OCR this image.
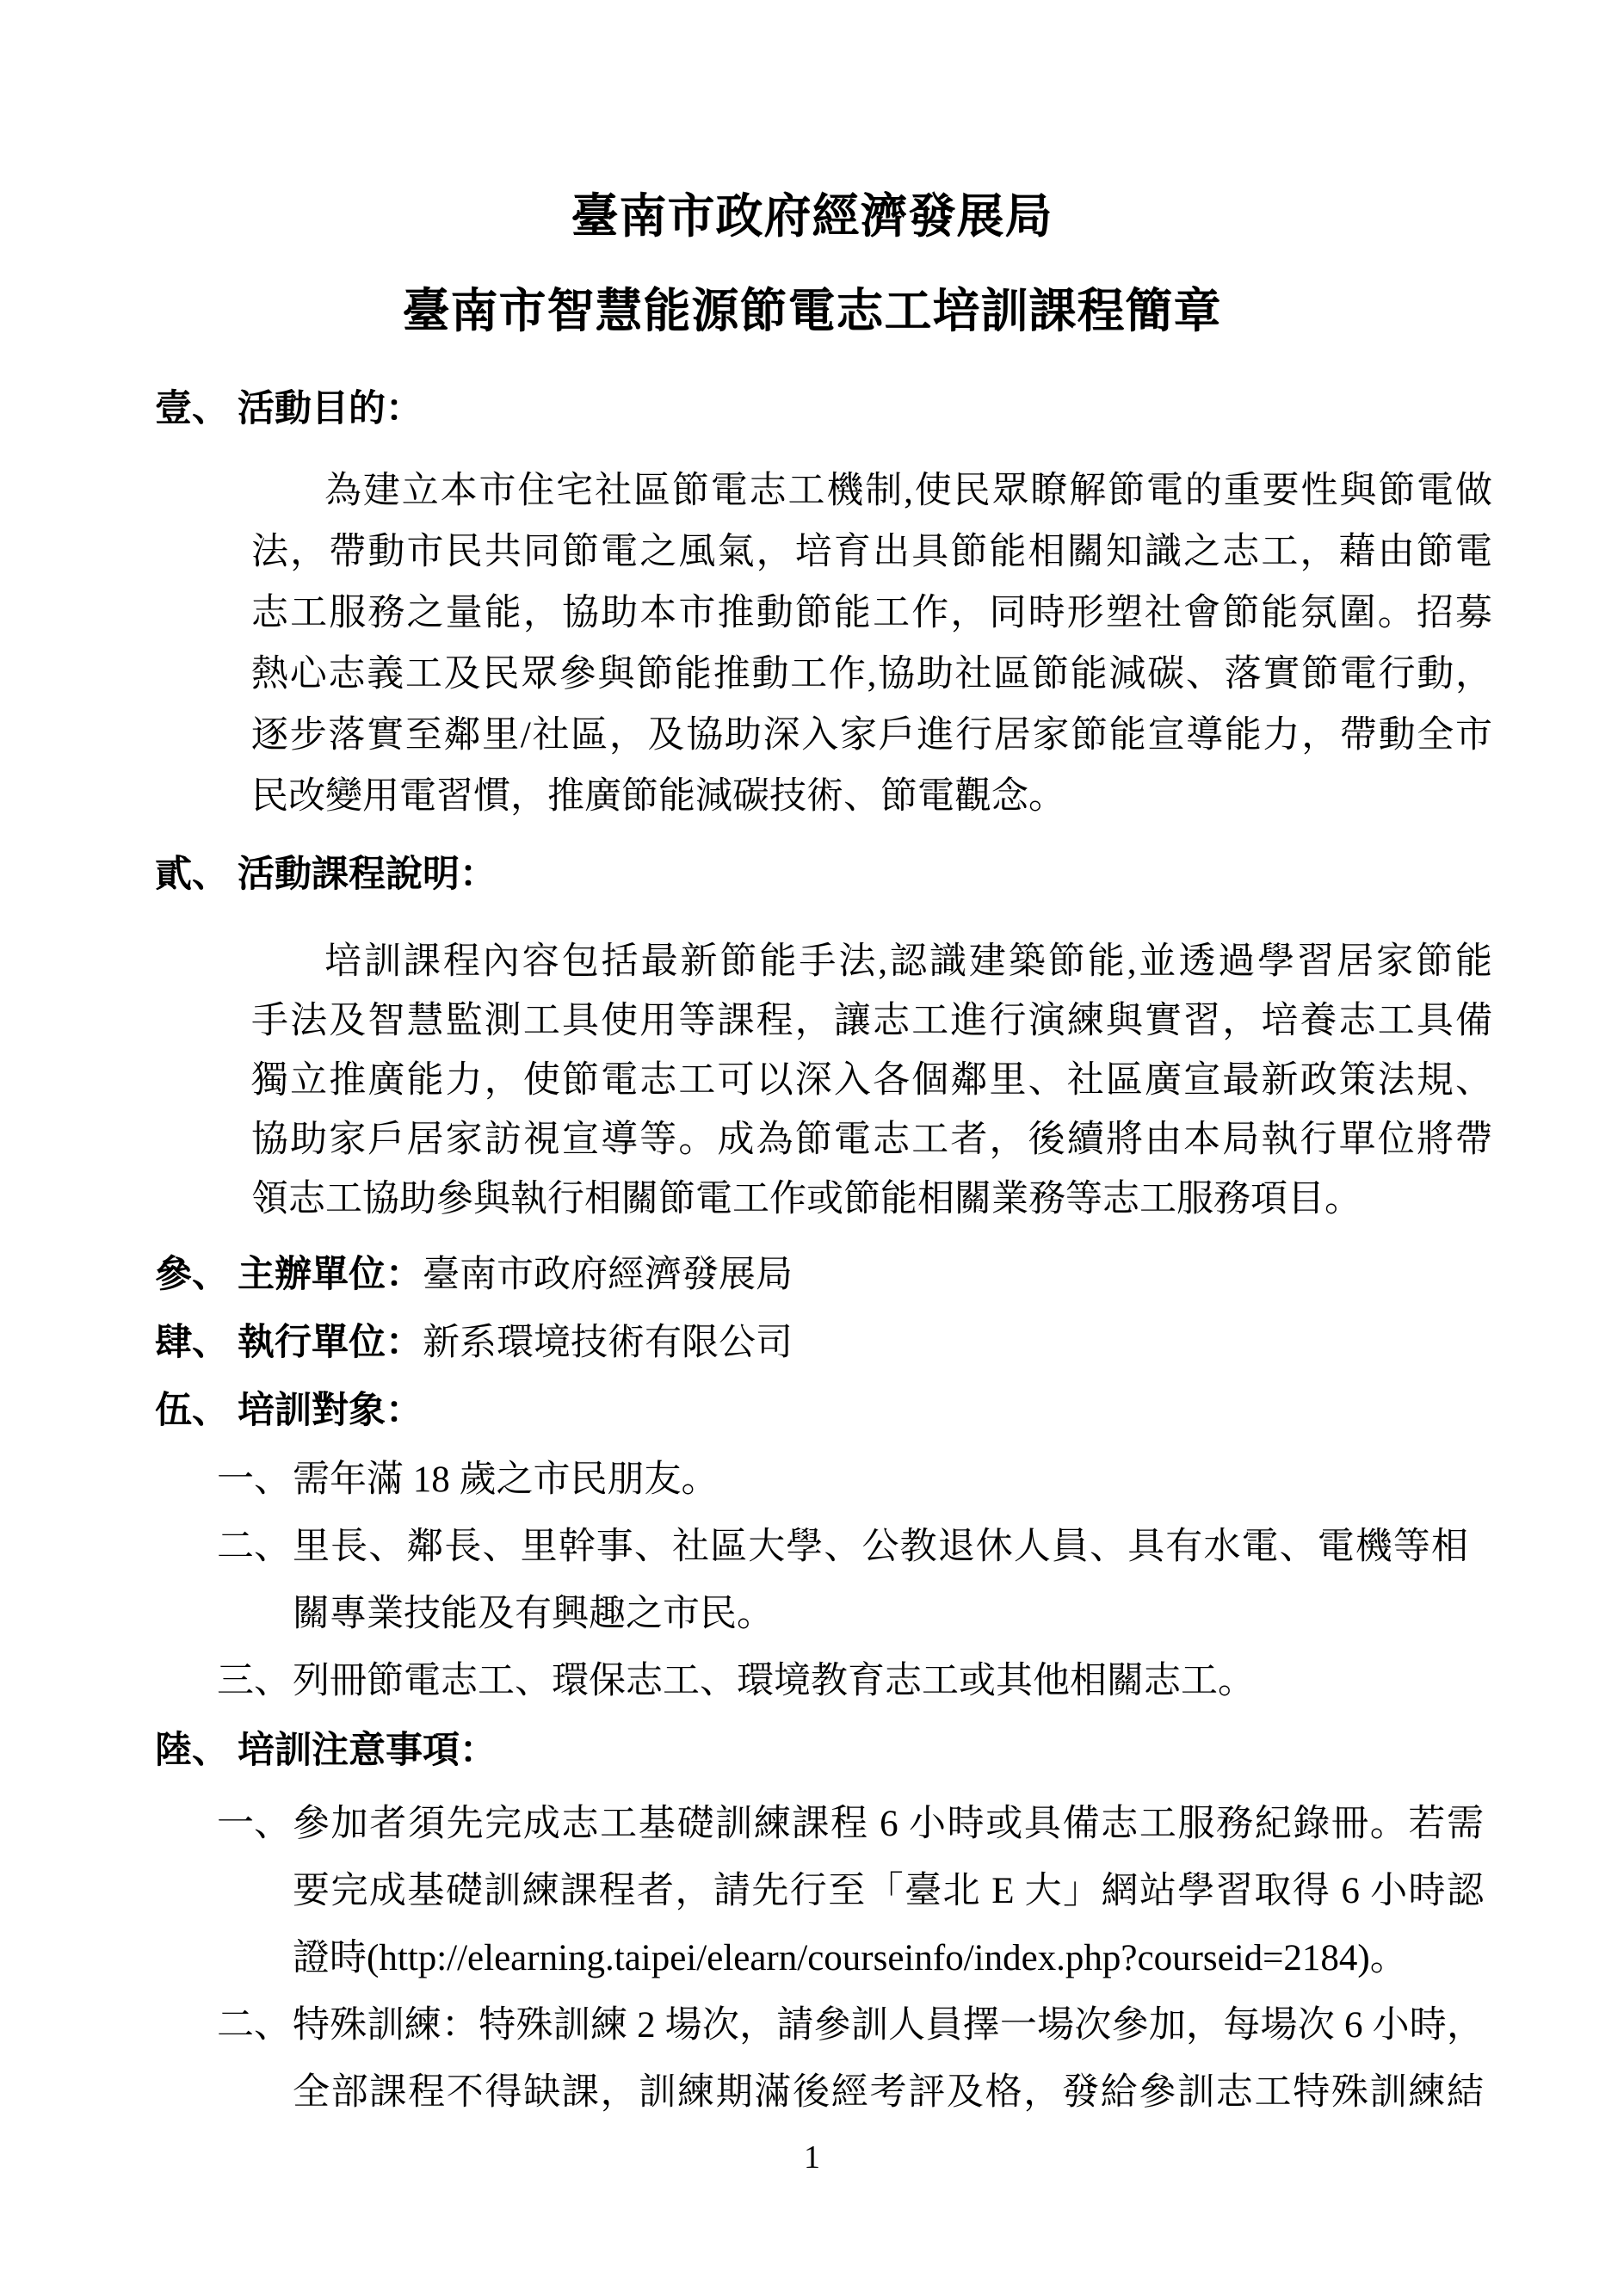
臺南市政府經濟發展局
臺南市智慧能源節電志工培訓課程簡章
壹、 活動目的：
為建立本市住宅社區節電志工機制,使民眾瞭解節電的重要性與節電做
法，帶動市民共同節電之風氣，培育出具節能相關知識之志工，藉由節電
志工服務之量能，協助本市推動節能工作，同時形塑社會節能氛圍。招募
熱心志義工及民眾參與節能推動工作,協助社區節能減碳、落實節電行動，
逐步落實至鄰里/社區，及協助深入家戶進行居家節能宣導能力，帶動全市
民改變用電習慣，推廣節能減碳技術、節電觀念。
貳、 活動課程說明：
培訓課程內容包括最新節能手法,認識建築節能,並透過學習居家節能
手法及智慧監測工具使用等課程，讓志工進行演練與實習，培養志工具備
獨立推廣能力，使節電志工可以深入各個鄰里、社區廣宣最新政策法規、
協助家戶居家訪視宣導等。成為節電志工者，後續將由本局執行單位將帶
領志工協助參與執行相關節電工作或節能相關業務等志工服務項目。
參、 主辦單位：臺南市政府經濟發展局
肆、 執行單位：新系環境技術有限公司
伍、 培訓對象：
一、 需年滿 18 歲之市民朋友。
二、 里長、鄰長、里幹事、社區大學、公教退休人員、具有水電、電機等相
關專業技能及有興趣之市民。
三、 列冊節電志工、環保志工、環境教育志工或其他相關志工。
陸、 培訓注意事項：
一、 參加者須先完成志工基礎訓練課程 6 小時或具備志工服務紀錄冊。若需
要完成基礎訓練課程者，請先行至「臺北 E 大」網站學習取得 6 小時認
證時(http://elearning.taipei/elearn/courseinfo/index.php?courseid=2184)。
二、 特殊訓練：特殊訓練 2 場次，請參訓人員擇一場次參加，每場次 6 小時，
全部課程不得缺課，訓練期滿後經考評及格，發給參訓志工特殊訓練結
1
